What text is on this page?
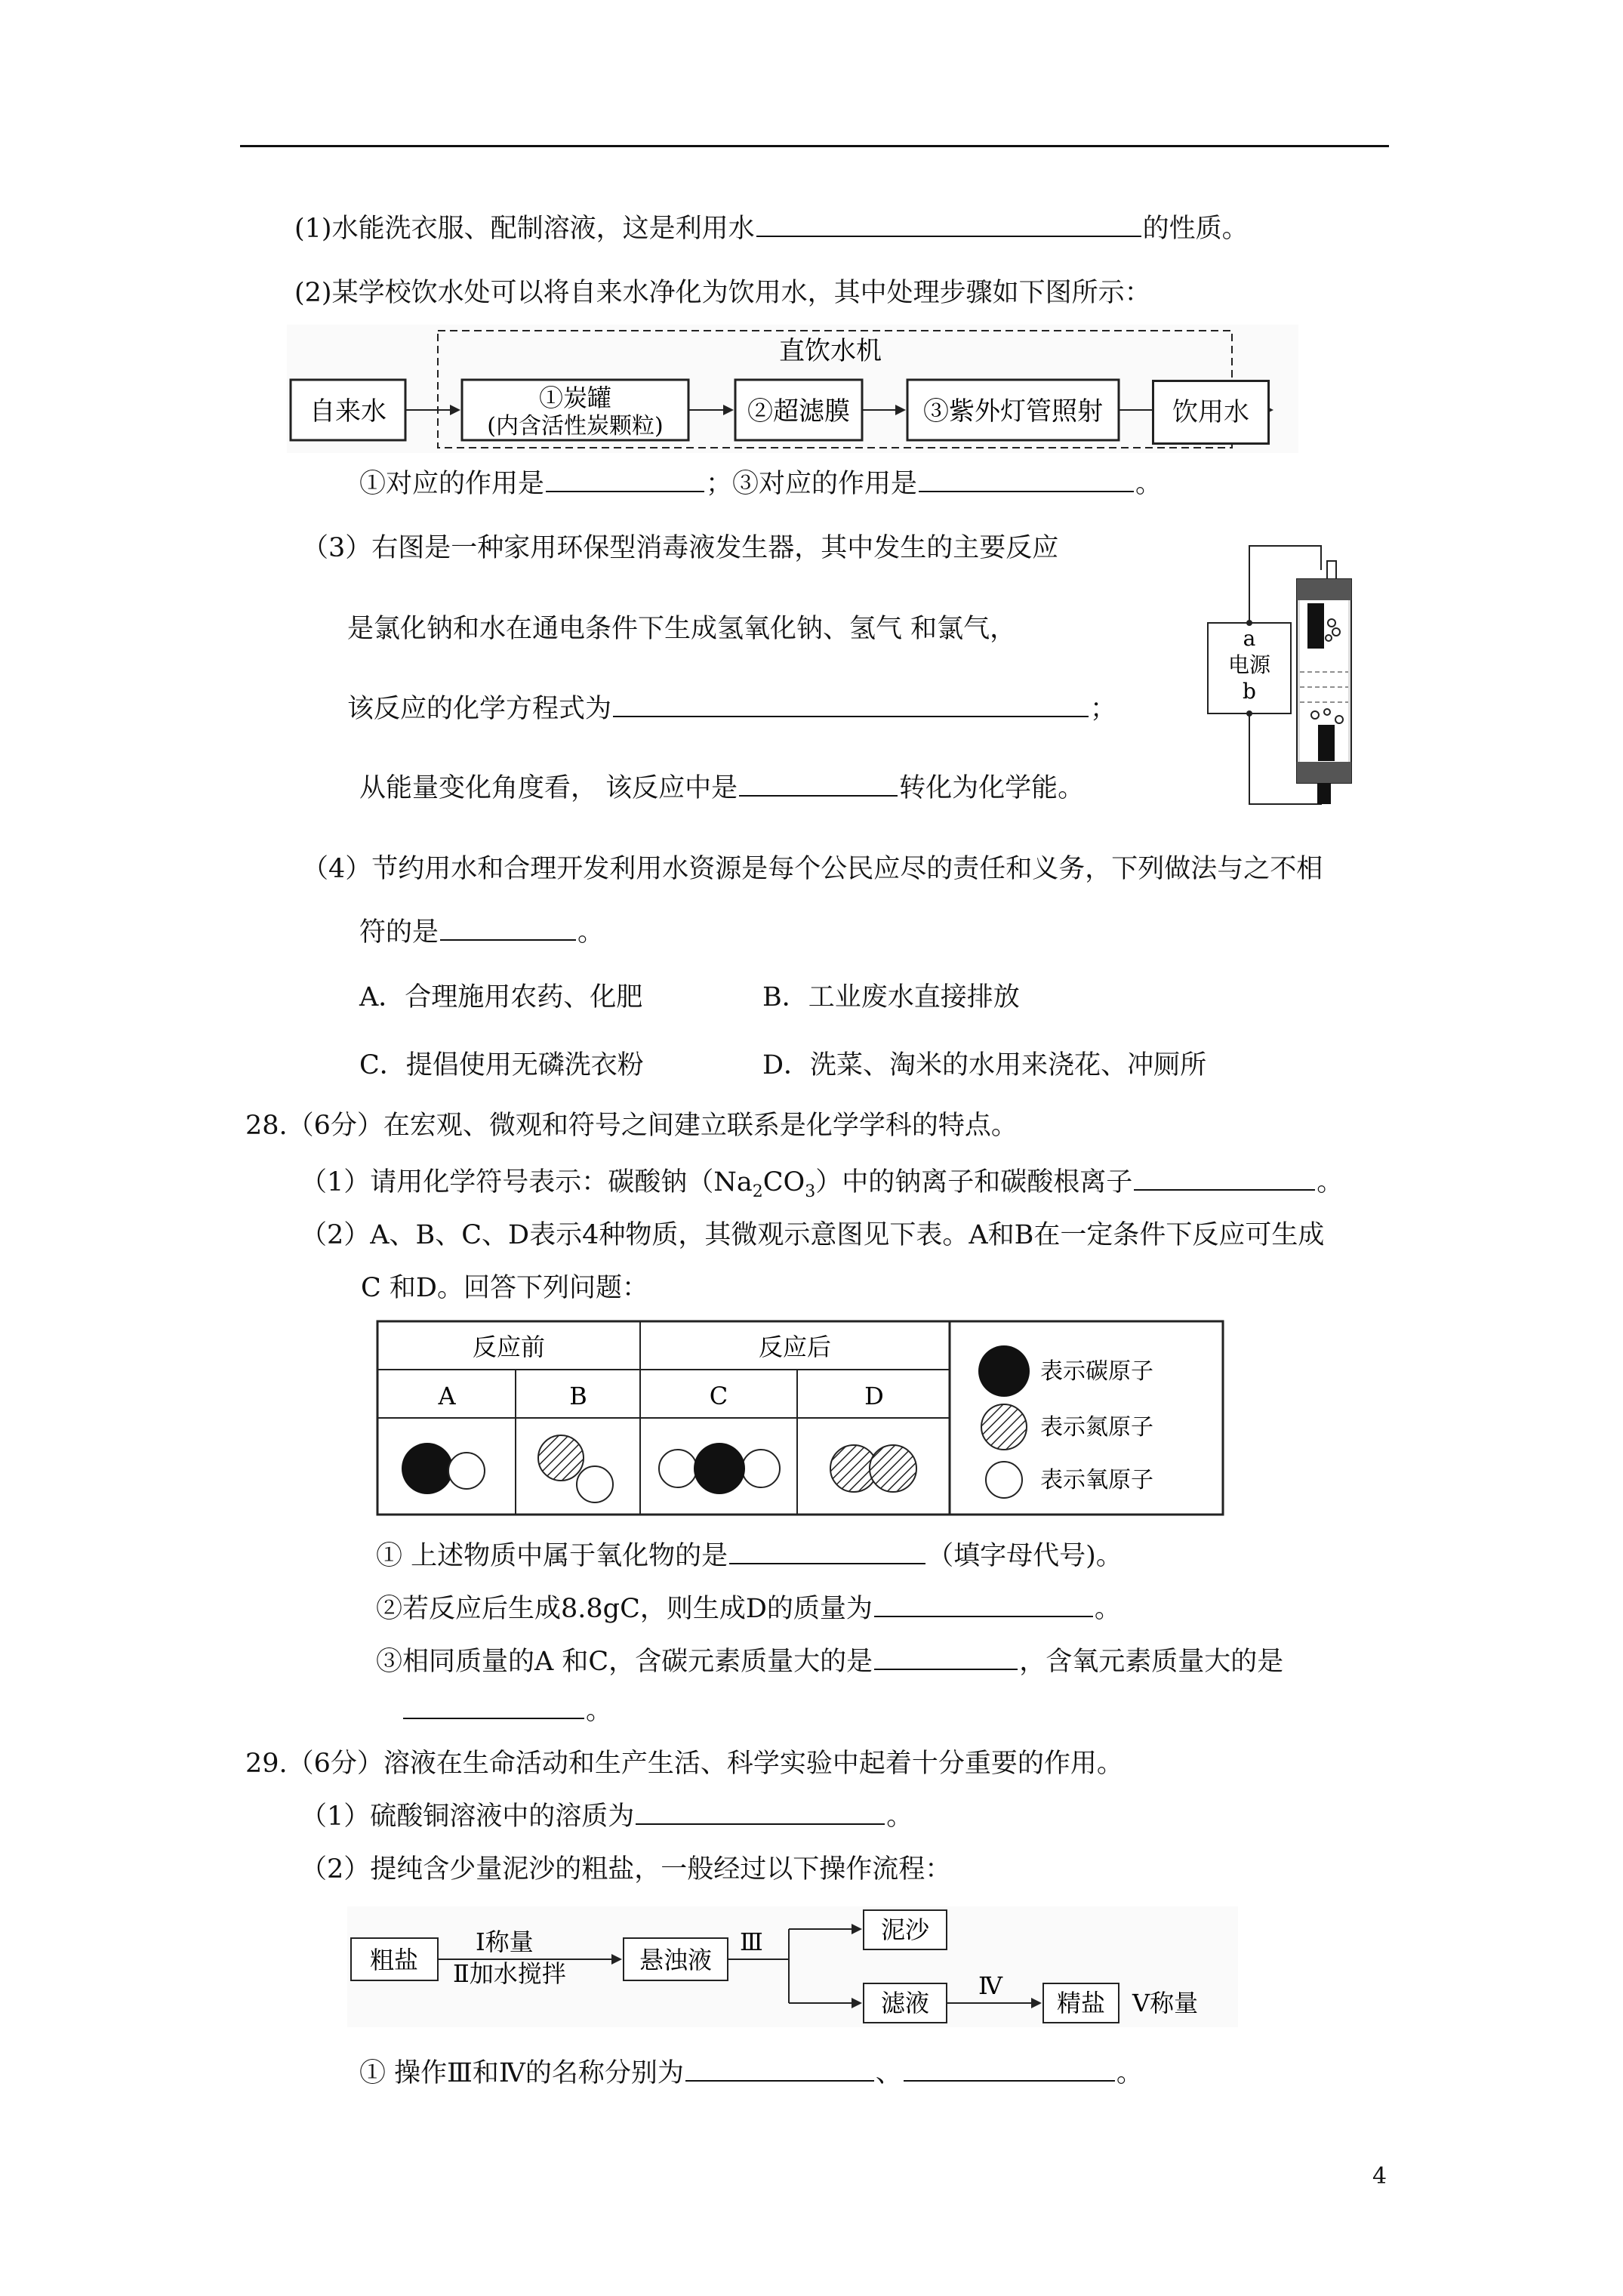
(1)水能洗衣服、配制溶液，这是利用水	的性质。
(2)某学校饮水处可以将自来水净化为饮用水，其中处理步骤如下图所示：
直饮水机
自来水	①炭罐
(内含活性炭颗粒)	②超滤膜	③紫外灯管照射	饮用水
①对应的作用是	；③对应的作用是	。
（3）右图是一种家用环保型消毒液发生器，其中发生的主要反应
是氯化钠和水在通电条件下生成氢氧化钠、氢气 和氯气，
该反应的化学方程式为	；
从能量变化角度看， 该反应中是	转化为化学能。
a
电源
b
（4）节约用水和合理开发利用水资源是每个公民应尽的责任和义务，下列做法与之不相
符的是	。
A．合理施用农药、化肥	B．工业废水直接排放
C．提倡使用无磷洗衣粉	D．洗菜、淘米的水用来浇花、冲厕所
28.（6分）在宏观、微观和符号之间建立联系是化学学科的特点。
（1）请用化学符号表示：碳酸钠$(Na_2CO_3)$中的钠离子和碳酸根离子	。
（2）A、B、C、D表示4种物质，其微观示意图见下表。A和B在一定条件下反应可生成
C 和D。回答下列问题：
反应前	反应后
A	B	C	D
表示碳原子
表示氮原子
表示氧原子
① 上述物质中属于氧化物的是	（填字母代号)。
②若反应后生成8.8gC，则生成D的质量为	。
③相同质量的A 和C，含碳元素质量大的是	，含氧元素质量大的是
。
29.（6分）溶液在生命活动和生产生活、科学实验中起着十分重要的作用。
（1）硫酸铜溶液中的溶质为	。
（2）提纯含少量泥沙的粗盐，一般经过以下操作流程：
粗盐
Ⅰ称量
Ⅱ加水搅拌	悬浊液
Ⅲ	泥沙
滤液
Ⅳ
精盐 Ⅴ称量
① 操作Ⅲ和Ⅳ的名称分别为	、	。
4
